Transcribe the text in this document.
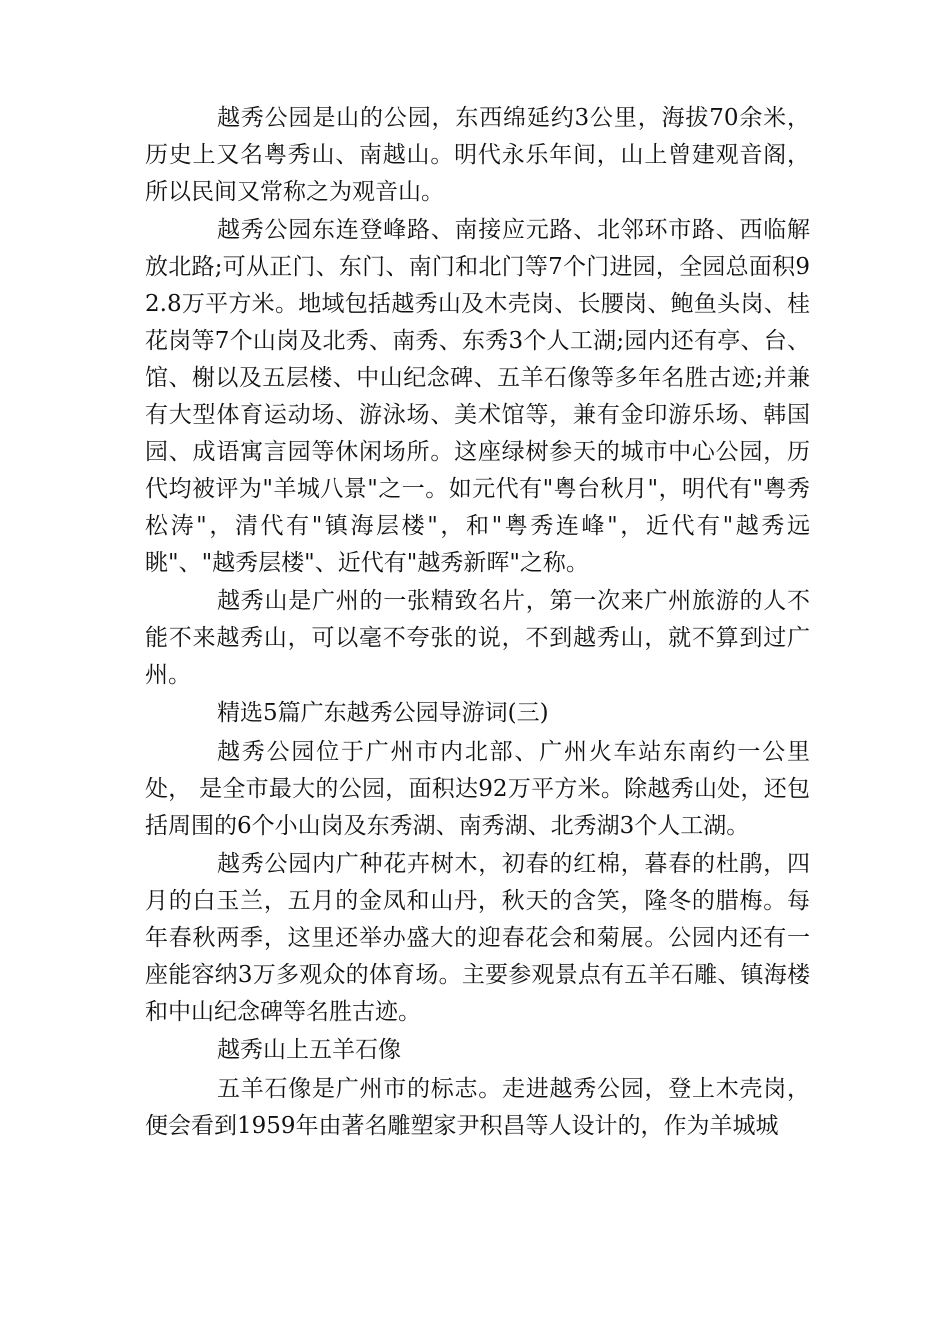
越秀公园是山的公园，东西绵延约3公里，海拔70余米，历史上又名粤秀山、南越山。明代永乐年间，山上曾建观音阁，所以民间又常称之为观音山。

越秀公园东连登峰路、南接应元路、北邻环市路、西临解放北路;可从正门、东门、南门和北门等7个门进园，全园总面积92.8万平方米。地域包括越秀山及木壳岗、长腰岗、鲍鱼头岗、桂花岗等7个山岗及北秀、南秀、东秀3个人工湖;园内还有亭、台、馆、榭以及五层楼、中山纪念碑、五羊石像等多年名胜古迹;并兼有大型体育运动场、游泳场、美术馆等，兼有金印游乐场、韩国园、成语寓言园等休闲场所。这座绿树参天的城市中心公园，历代均被评为"羊城八景"之一。如元代有"粤台秋月"，明代有"粤秀松涛"，清代有"镇海层楼"，和"粤秀连峰"，近代有"越秀远眺"、"越秀层楼"、近代有"越秀新晖"之称。

越秀山是广州的一张精致名片，第一次来广州旅游的人不能不来越秀山，可以毫不夸张的说，不到越秀山，就不算到过广州。

精选5篇广东越秀公园导游词(三)

越秀公园位于广州市内北部、广州火车站东南约一公里处， 是全市最大的公园，面积达92万平方米。除越秀山处，还包括周围的6个小山岗及东秀湖、南秀湖、北秀湖3个人工湖。

越秀公园内广种花卉树木，初春的红棉，暮春的杜鹃，四月的白玉兰，五月的金凤和山丹，秋天的含笑，隆冬的腊梅。每年春秋两季，这里还举办盛大的迎春花会和菊展。公园内还有一座能容纳3万多观众的体育场。主要参观景点有五羊石雕、镇海楼和中山纪念碑等名胜古迹。

越秀山上五羊石像

五羊石像是广州市的标志。走进越秀公园，登上木壳岗，便会看到1959年由著名雕塑家尹积昌等人设计的，作为羊城城
